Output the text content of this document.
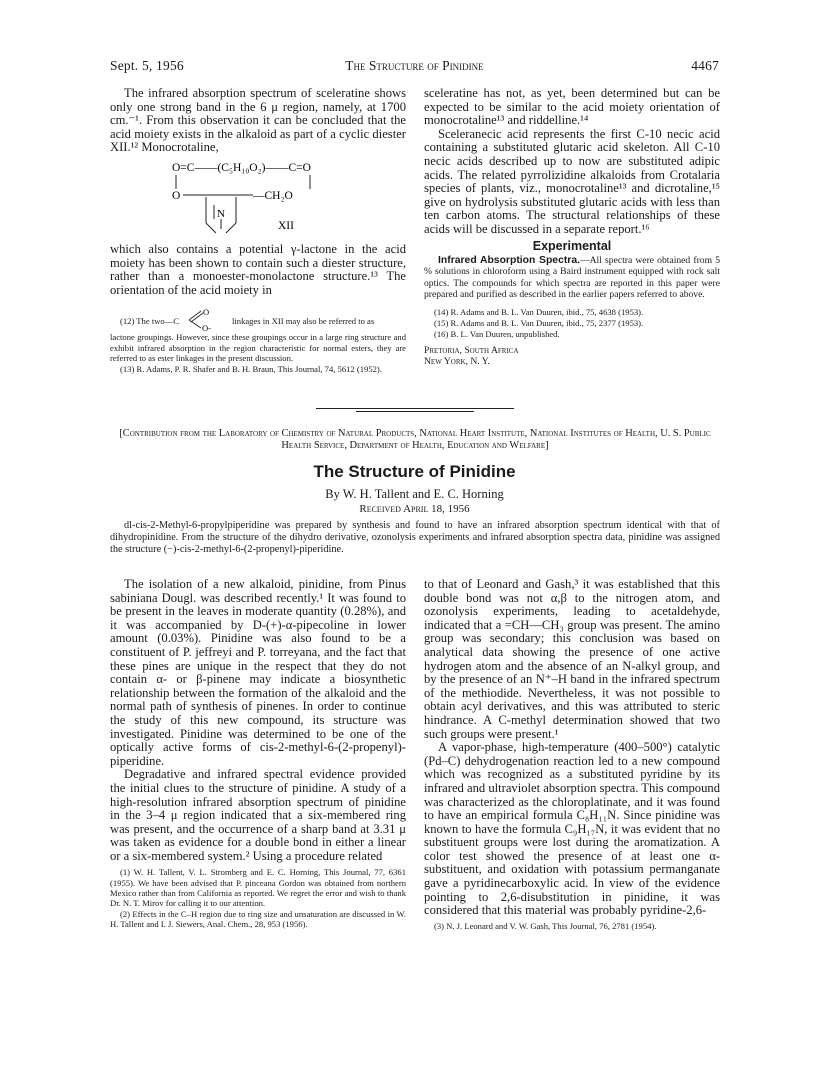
Sept. 5, 1956	The Structure of Pinidine	4467

The infrared absorption spectrum of sceleratine shows only one strong band in the 6 μ region, namely, at 1700 cm.⁻¹. From this observation it can be concluded that the acid moiety exists in the alkaloid as part of a cyclic diester XII.¹² Monocrotaline,

O=C——(C₅H₁₀O₂)——C=O
O	—CH₂O
N
XII

which also contains a potential γ-lactone in the acid moiety has been shown to contain such a diester structure, rather than a monoester-monolactone structure.¹³ The orientation of the acid moiety in

(12) The two—C
O
O-
linkages in XII may also be referred to as

lactone groupings. However, since these groupings occur in a large ring structure and exhibit infrared absorption in the region characteristic for normal esters, they are referred to as ester linkages in the present discussion.

(13) R. Adams, P. R. Shafer and B. H. Braun, This Journal, 74, 5612 (1952).

sceleratine has not, as yet, been determined but can be expected to be similar to the acid moiety orientation of monocrotaline¹³ and riddelline.¹⁴

Sceleranecic acid represents the first C-10 necic acid containing a substituted glutaric acid skeleton. All C-10 necic acids described up to now are substituted adipic acids. The related pyrrolizidine alkaloids from Crotalaria species of plants, viz., monocrotaline¹³ and dicrotaline,¹⁵ give on hydrolysis substituted glutaric acids with less than ten carbon atoms. The structural relationships of these acids will be discussed in a separate report.¹⁶

Experimental

Infrared Absorption Spectra.—All spectra were obtained from 5 % solutions in chloroform using a Baird instrument equipped with rock salt optics. The compounds for which spectra are reported in this paper were prepared and purified as described in the earlier papers referred to above.

(14) R. Adams and B. L. Van Duuren, ibid., 75, 4638 (1953).

(15) R. Adams and B. L. Van Duuren, ibid., 75, 2377 (1953).

(16) B. L. Van Duuren, unpublished.

Pretoria, South Africa
New York, N. Y.
[Contribution from the Laboratory of Chemistry of Natural Products, National Heart Institute, National Institutes of Health, U. S. Public Health Service, Department of Health, Education and Welfare]
The Structure of Pinidine
By W. H. Tallent and E. C. Horning
Received April 18, 1956

dl-cis-2-Methyl-6-propylpiperidine was prepared by synthesis and found to have an infrared absorption spectrum identical with that of dihydropinidine. From the structure of the dihydro derivative, ozonolysis experiments and infrared absorption spectra data, pinidine was assigned the structure (−)-cis-2-methyl-6-(2-propenyl)-piperidine.

The isolation of a new alkaloid, pinidine, from Pinus sabiniana Dougl. was described recently.¹ It was found to be present in the leaves in moderate quantity (0.28%), and it was accompanied by D-(+)-α-pipecoline in lower amount (0.03%). Pinidine was also found to be a constituent of P. jeffreyi and P. torreyana, and the fact that these pines are unique in the respect that they do not contain α- or β-pinene may indicate a biosynthetic relationship between the formation of the alkaloid and the normal path of synthesis of pinenes. In order to continue the study of this new compound, its structure was investigated. Pinidine was determined to be one of the optically active forms of cis-2-methyl-6-(2-propenyl)-piperidine.

Degradative and infrared spectral evidence provided the initial clues to the structure of pinidine. A study of a high-resolution infrared absorption spectrum of pinidine in the 3–4 μ region indicated that a six-membered ring was present, and the occurrence of a sharp band at 3.31 μ was taken as evidence for a double bond in either a linear or a six-membered system.² Using a procedure related

(1) W. H. Tallent, V. L. Stromberg and E. C. Horning, This Journal, 77, 6361 (1955). We have been advised that P. pinceana Gordon was obtained from northern Mexico rather than from California as reported. We regret the error and wish to thank Dr. N. T. Mirov for calling it to our attention.

(2) Effects in the C–H region due to ring size and unsaturation are discussed in W. H. Tallent and I. J. Siewers, Anal. Chem., 28, 953 (1956).

to that of Leonard and Gash,³ it was established that this double bond was not α,β to the nitrogen atom, and ozonolysis experiments, leading to acetaldehyde, indicated that a =CH—CH₃ group was present. The amino group was secondary; this conclusion was based on analytical data showing the presence of one active hydrogen atom and the absence of an N-alkyl group, and by the presence of an N⁺–H band in the infrared spectrum of the methiodide. Nevertheless, it was not possible to obtain acyl derivatives, and this was attributed to steric hindrance. A C-methyl determination showed that two such groups were present.¹

A vapor-phase, high-temperature (400–500°) catalytic (Pd–C) dehydrogenation reaction led to a new compound which was recognized as a substituted pyridine by its infrared and ultraviolet absorption spectra. This compound was characterized as the chloroplatinate, and it was found to have an empirical formula C₈H₁₁N. Since pinidine was known to have the formula C₉H₁₇N, it was evident that no substituent groups were lost during the aromatization. A color test showed the presence of at least one α-substituent, and oxidation with potassium permanganate gave a pyridinecarboxylic acid. In view of the evidence pointing to 2,6-disubstitution in pinidine, it was considered that this material was probably pyridine-2,6-

(3) N. J. Leonard and V. W. Gash, This Journal, 76, 2781 (1954).
